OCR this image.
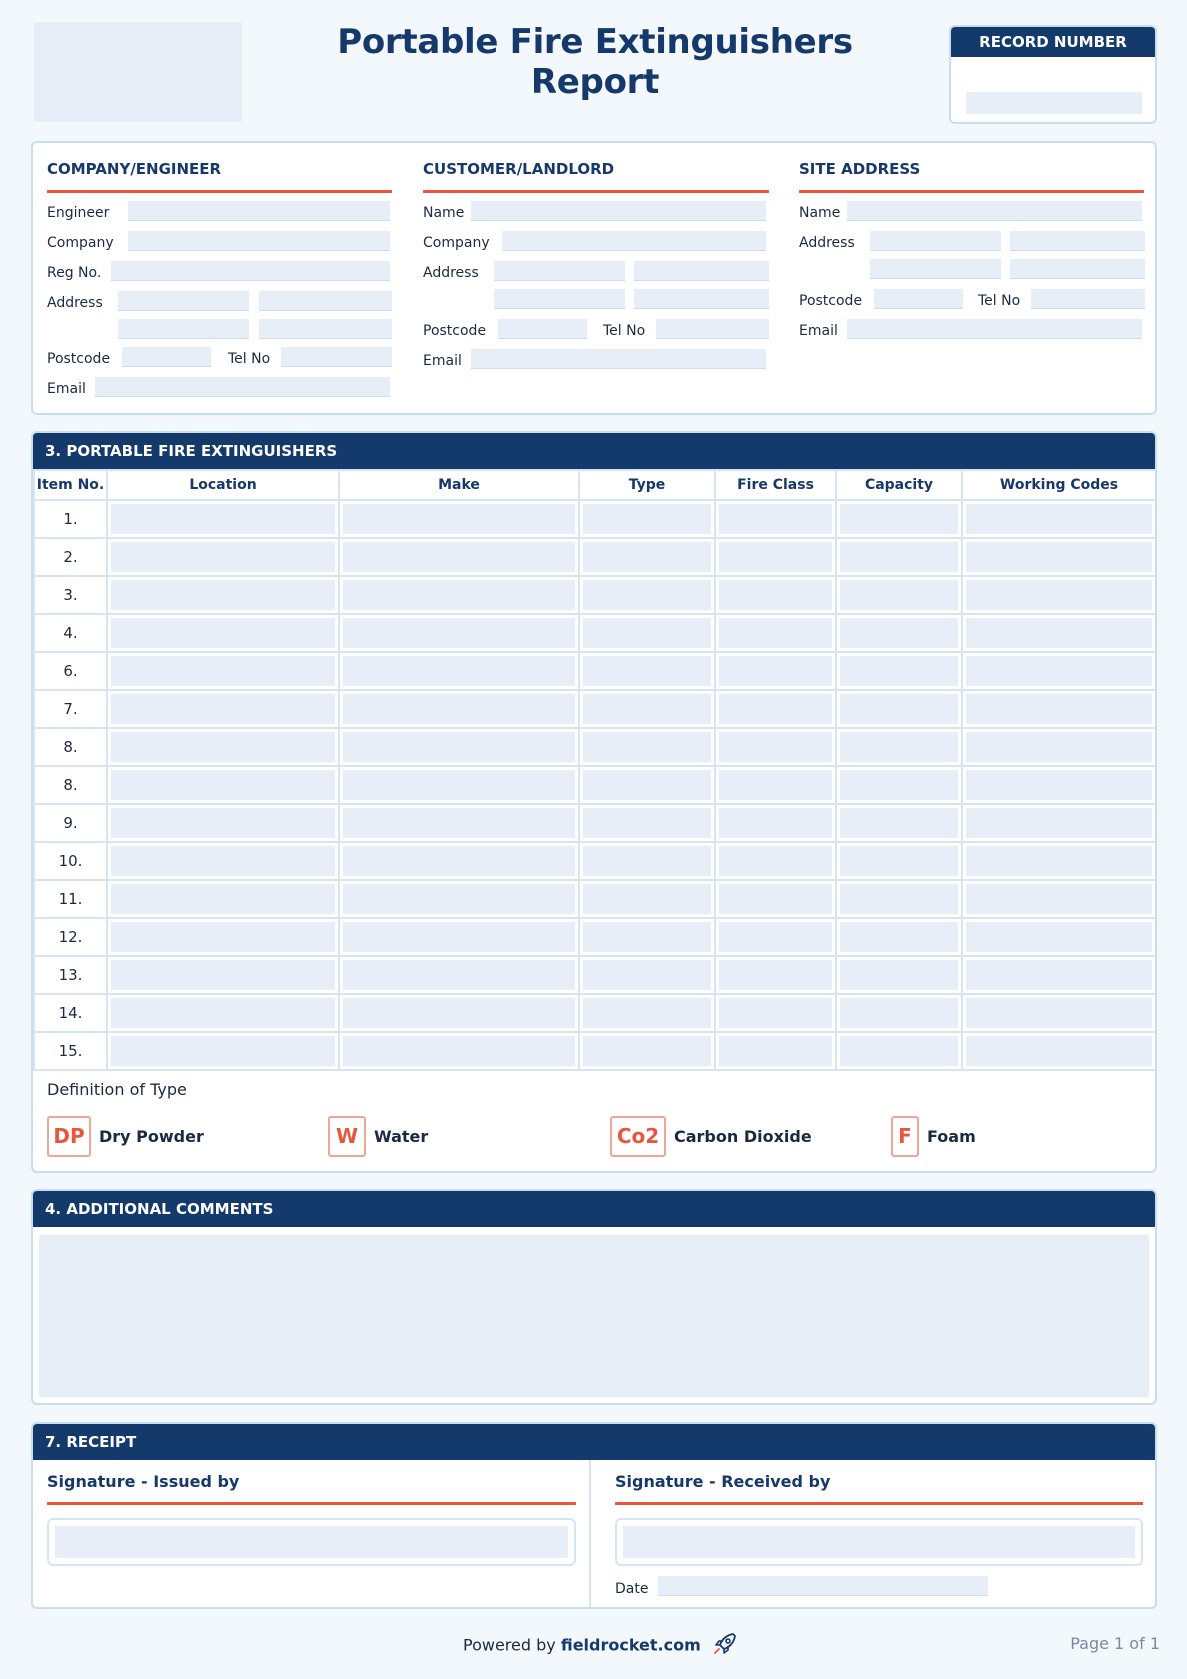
Portable Fire Extinguishers Report
RECORD NUMBER
COMPANY/ENGINEER
Engineer
Company
Reg No.
Address
Postcode	Tel No
Email
CUSTOMER/LANDLORD
Name
Company
Address
Postcode	Tel No
Email
SITE ADDRESS
Name
Address
Postcode	Tel No
Email
3. PORTABLE FIRE EXTINGUISHERS
Item No.	Location	Make	Type	Fire Class	Capacity	Working Codes
1.	

2.	

3.	

4.	

6.	

7.	

8.	

8.	

9.	

10.	

11.	

12.	

13.	

14.	

15.	

Definition of Type
DP Dry Powder	W Water	Co2 Carbon Dioxide	F Foam
4. ADDITIONAL COMMENTS
7. RECEIPT
Signature - Issued by	Signature - Received by
Date
Powered by fieldrocket.com	Page 1 of 1
